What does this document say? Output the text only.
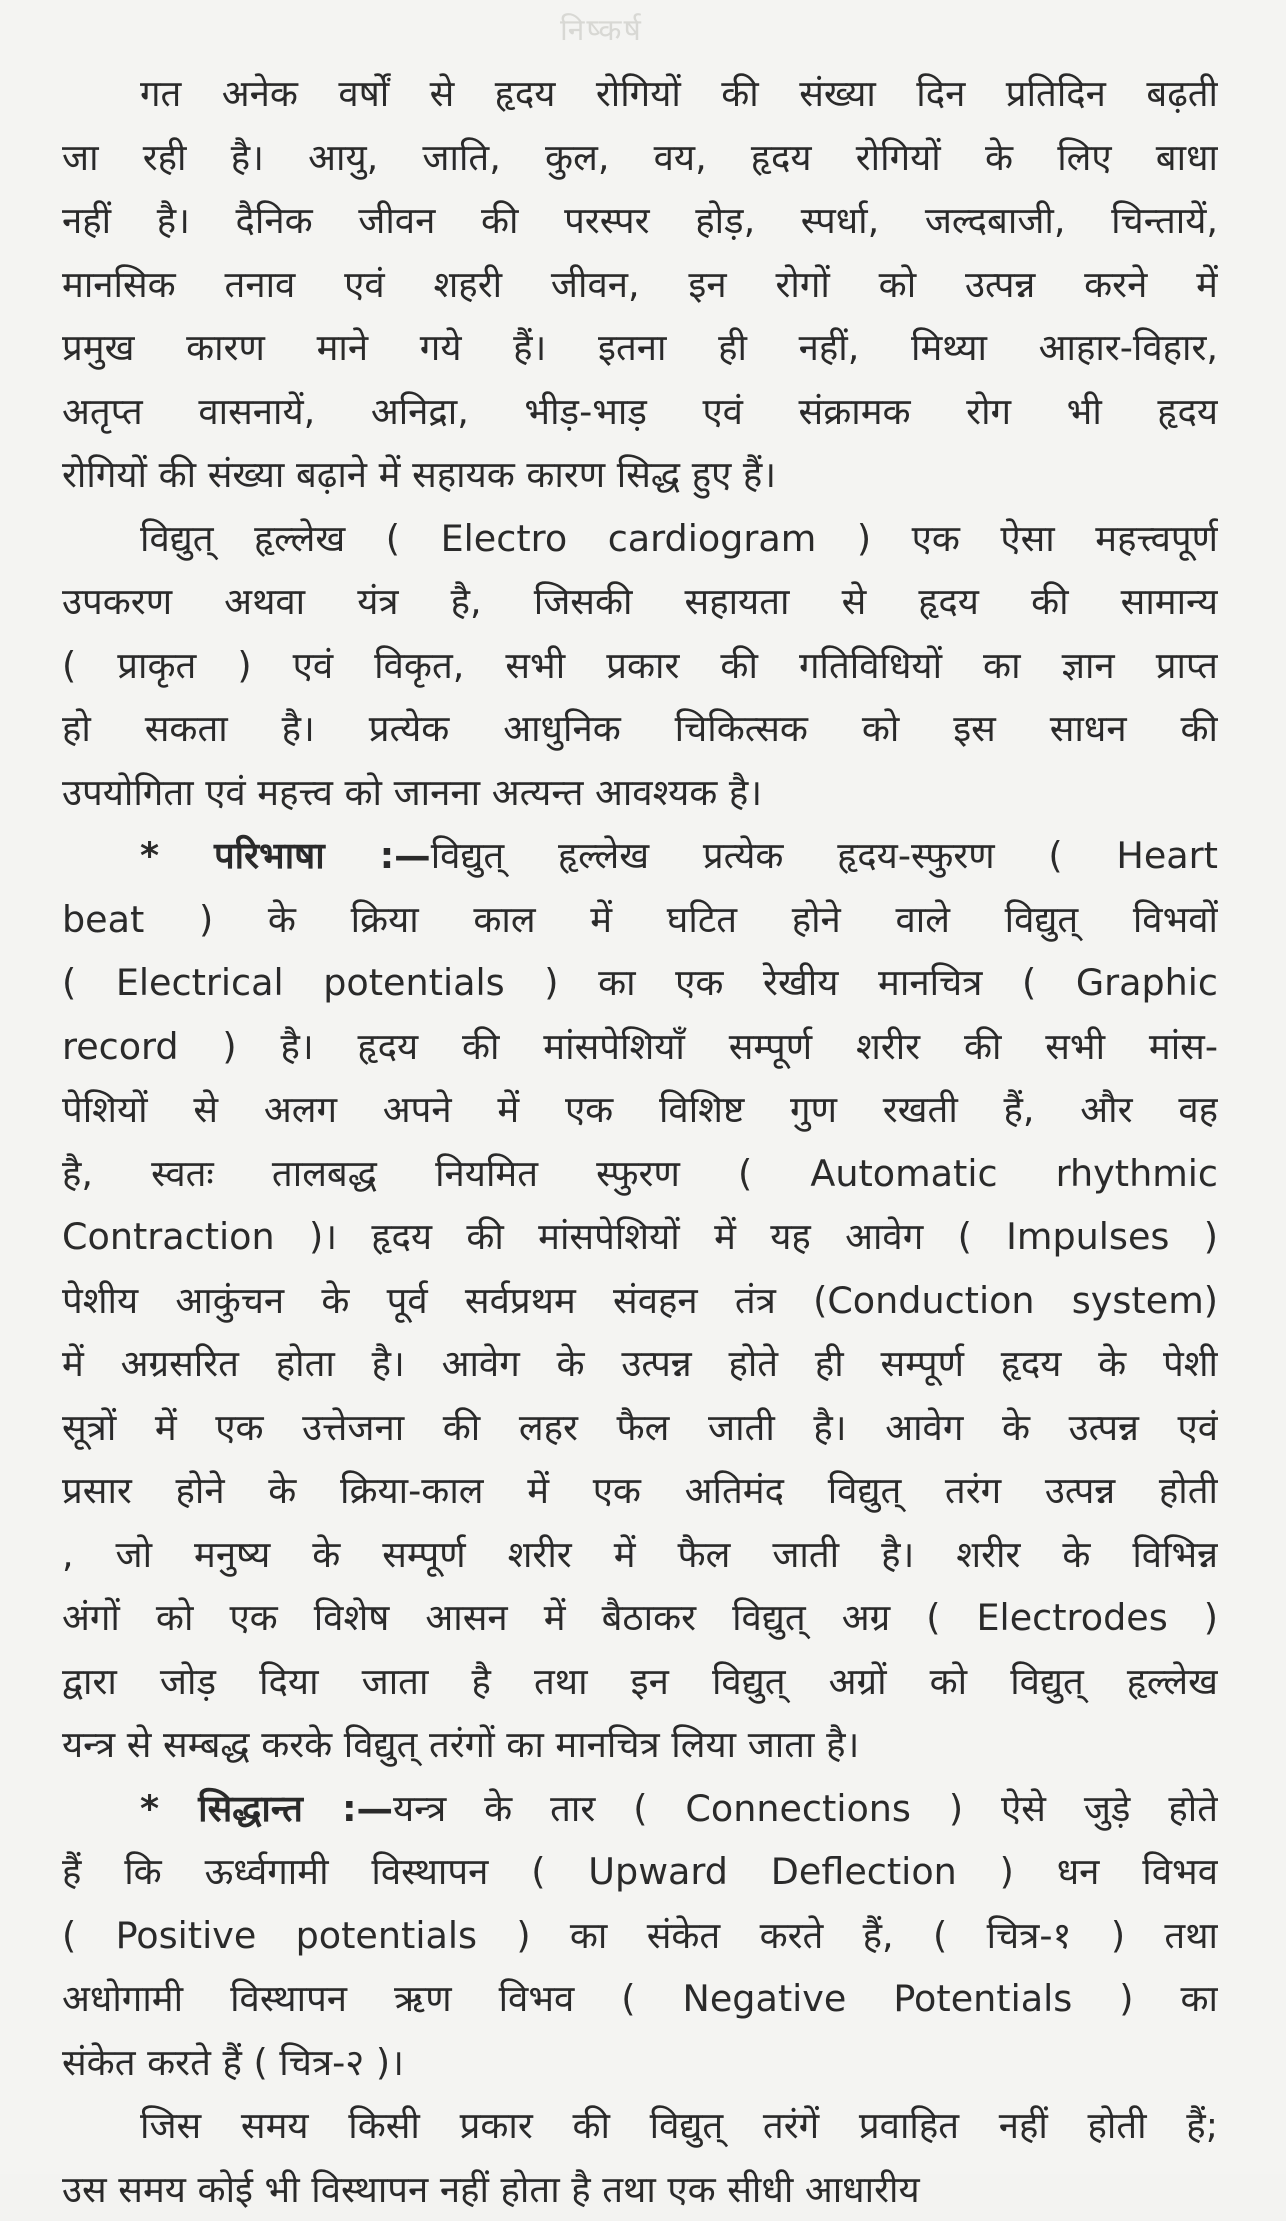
निष्कर्ष
गत अनेक वर्षों से हृदय रोगियों की संख्या दिन प्रतिदिन बढ़ती
जा रही है। आयु, जाति, कुल, वय, हृदय रोगियों के लिए बाधा
नहीं है। दैनिक जीवन की परस्पर होड़, स्पर्धा, जल्दबाजी, चिन्तायें,
मानसिक तनाव एवं शहरी जीवन, इन रोगों को उत्पन्न करने में
प्रमुख कारण माने गये हैं। इतना ही नहीं, मिथ्या आहार-विहार,
अतृप्त वासनायें, अनिद्रा, भीड़-भाड़ एवं संक्रामक रोग भी हृदय
रोगियों की संख्या बढ़ाने में सहायक कारण सिद्ध हुए हैं।
विद्युत् हृल्लेख ( Electro cardiogram ) एक ऐसा महत्त्वपूर्ण
उपकरण अथवा यंत्र है, जिसकी सहायता से हृदय की सामान्य
( प्राकृत ) एवं विकृत, सभी प्रकार की गतिविधियों का ज्ञान प्राप्त
हो सकता है। प्रत्येक आधुनिक चिकित्सक को इस साधन की
उपयोगिता एवं महत्त्व को जानना अत्यन्त आवश्यक है।
* परिभाषा :—विद्युत् हृल्लेख प्रत्येक हृदय-स्फुरण ( Heart
beat ) के क्रिया काल में घटित होने वाले विद्युत् विभवों
( Electrical potentials ) का एक रेखीय मानचित्र ( Graphic
record ) है। हृदय की मांसपेशियाँ सम्पूर्ण शरीर की सभी मांस-
पेशियों से अलग अपने में एक विशिष्ट गुण रखती हैं, और वह
है, स्वतः तालबद्ध नियमित स्फुरण ( Automatic rhythmic
Contraction )। हृदय की मांसपेशियों में यह आवेग ( Impulses )
पेशीय आकुंचन के पूर्व सर्वप्रथम संवहन तंत्र (Conduction system)
में अग्रसरित होता है। आवेग के उत्पन्न होते ही सम्पूर्ण हृदय के पेशी
सूत्रों में एक उत्तेजना की लहर फैल जाती है। आवेग के उत्पन्न एवं
प्रसार होने के क्रिया-काल में एक अतिमंद विद्युत् तरंग उत्पन्न होती
, जो मनुष्य के सम्पूर्ण शरीर में फैल जाती है। शरीर के विभिन्न
अंगों को एक विशेष आसन में बैठाकर विद्युत् अग्र ( Electrodes )
द्वारा जोड़ दिया जाता है तथा इन विद्युत् अग्रों को विद्युत् हृल्लेख
यन्त्र से सम्बद्ध करके विद्युत् तरंगों का मानचित्र लिया जाता है।
* सिद्धान्त :—यन्त्र के तार ( Connections ) ऐसे जुड़े होते
हैं कि ऊर्ध्वगामी विस्थापन ( Upward Deflection ) धन विभव
( Positive potentials ) का संकेत करते हैं, ( चित्र-१ ) तथा
अधोगामी विस्थापन ऋण विभव ( Negative Potentials ) का
संकेत करते हैं ( चित्र-२ )।
जिस समय किसी प्रकार की विद्युत् तरंगें प्रवाहित नहीं होती हैं;
उस समय कोई भी विस्थापन नहीं होता है तथा एक सीधी आधारीय
